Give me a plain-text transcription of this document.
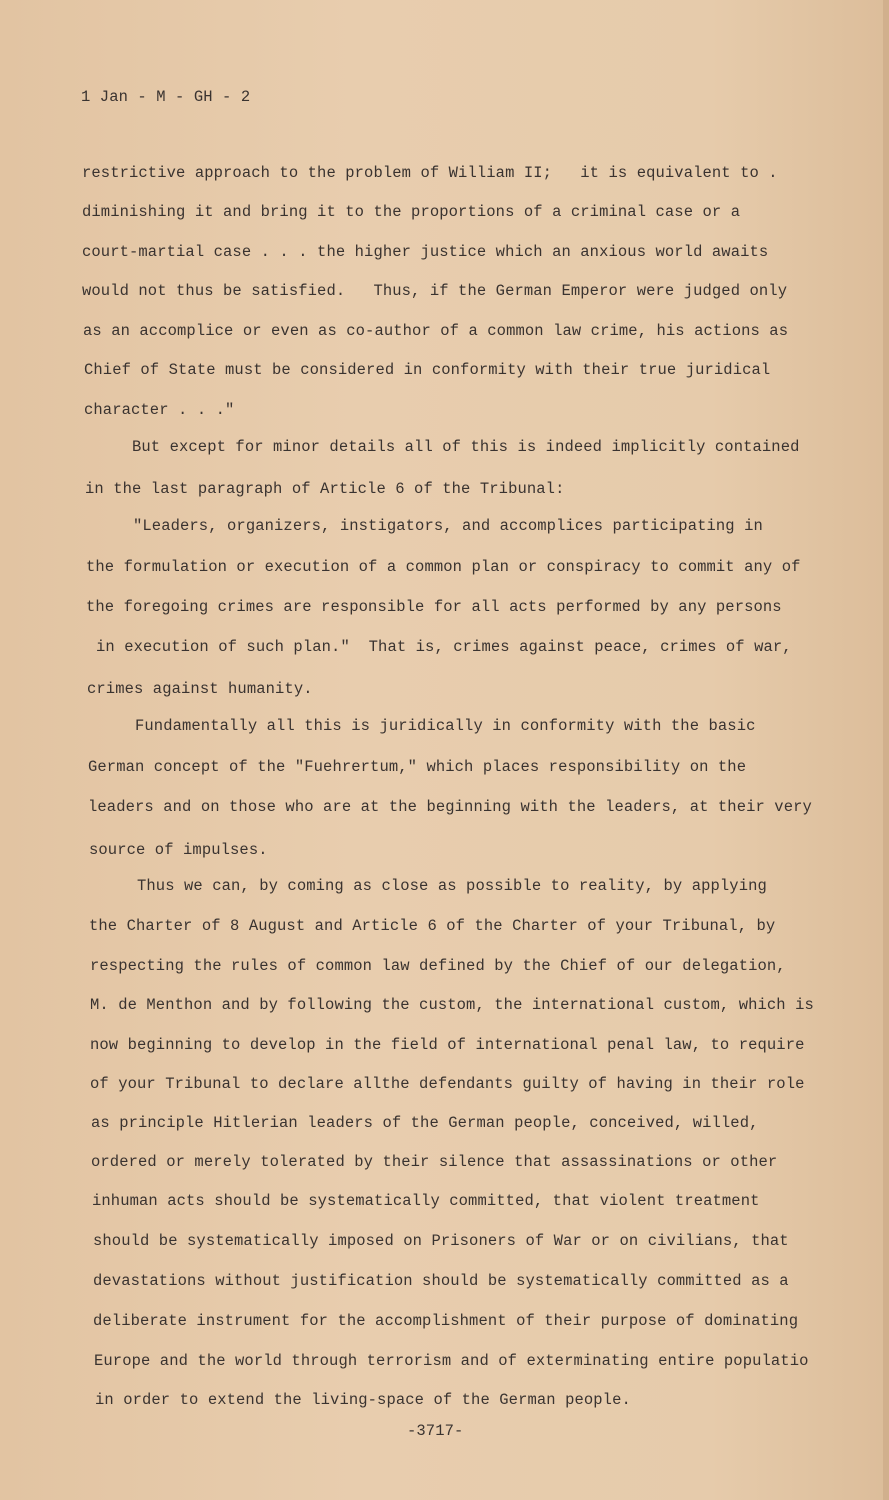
1 Jan - M - GH - 2
restrictive approach to the problem of William II;   it is equivalent to .
diminishing it and bring it to the proportions of a criminal case or a
court-martial case . . . the higher justice which an anxious world awaits
would not thus be satisfied.   Thus, if the German Emperor were judged only
as an accomplice or even as co-author of a common law crime, his actions as
Chief of State must be considered in conformity with their true juridical
character . . ."
But except for minor details all of this is indeed implicitly contained
in the last paragraph of Article 6 of the Tribunal:
"Leaders, organizers, instigators, and accomplices participating in
the formulation or execution of a common plan or conspiracy to commit any of
the foregoing crimes are responsible for all acts performed by any persons
in execution of such plan."  That is, crimes against peace, crimes of war,
crimes against humanity.
Fundamentally all this is juridically in conformity with the basic
German concept of the "Fuehrertum," which places responsibility on the
leaders and on those who are at the beginning with the leaders, at their very
source of impulses.
Thus we can, by coming as close as possible to reality, by applying
the Charter of 8 August and Article 6 of the Charter of your Tribunal, by
respecting the rules of common law defined by the Chief of our delegation,
M. de Menthon and by following the custom, the international custom, which is
now beginning to develop in the field of international penal law, to require
of your Tribunal to declare allthe defendants guilty of having in their role
as principle Hitlerian leaders of the German people, conceived, willed,
ordered or merely tolerated by their silence that assassinations or other
inhuman acts should be systematically committed, that violent treatment
should be systematically imposed on Prisoners of War or on civilians, that
devastations without justification should be systematically committed as a
deliberate instrument for the accomplishment of their purpose of dominating
Europe and the world through terrorism and of exterminating entire populatio
in order to extend the living-space of the German people.
-3717-
